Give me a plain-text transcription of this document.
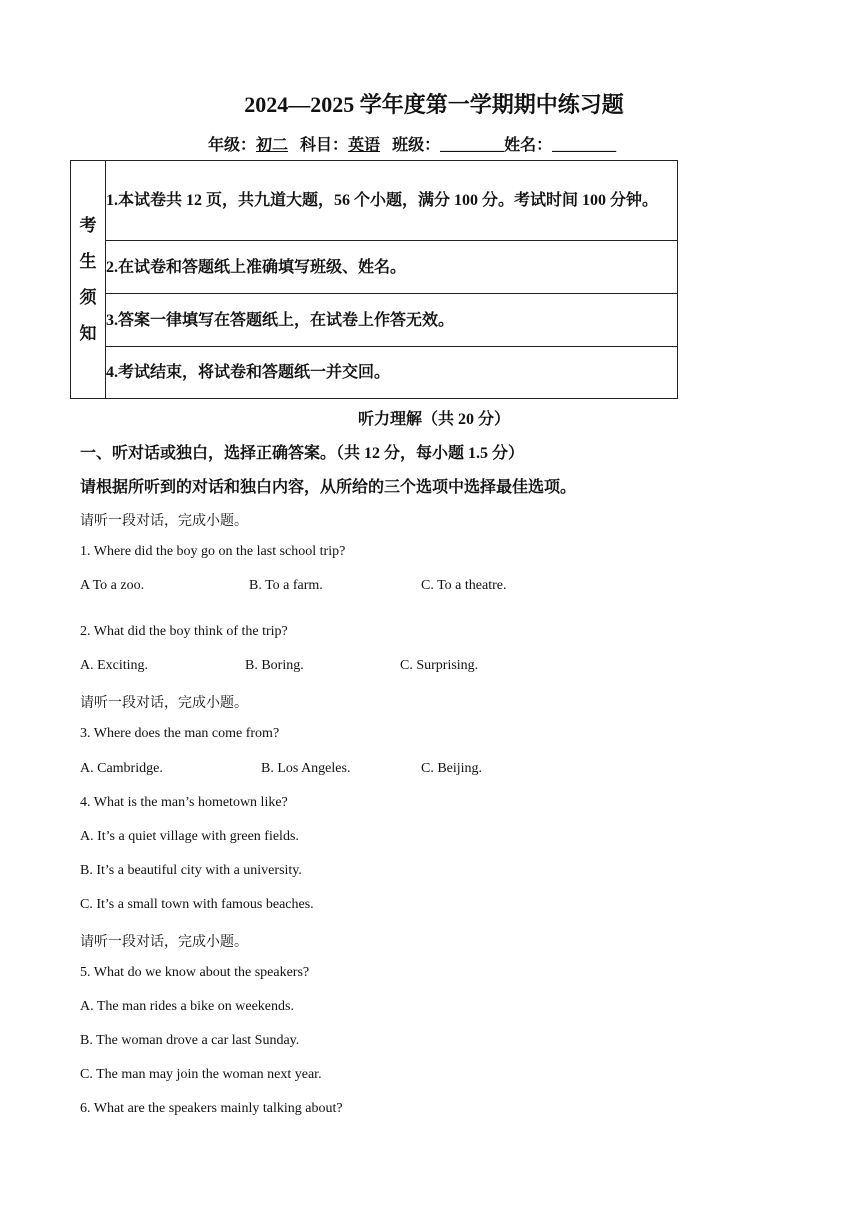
2024—2025 学年度第一学期期中练习题
年级：初二 科目：英语 班级：________姓名：________
考
生
须
知

1.本试卷共 12 页，共九道大题，56 个小题，满分 100 分。考试时间 100 分钟。

2.在试卷和答题纸上准确填写班级、姓名。

3.答案一律填写在答题纸上，在试卷上作答无效。

4.考试结束，将试卷和答题纸一并交回。
听力理解（共 20 分）
一、听对话或独白，选择正确答案。（共 12 分，每小题 1.5 分）
请根据所听到的对话和独白内容，从所给的三个选项中选择最佳选项。
请听一段对话，完成小题。
1. Where did the boy go on the last school trip?
A To a zoo.	B. To a farm.	C. To a theatre.
2. What did the boy think of the trip?
A. Exciting.	B. Boring.	C. Surprising.
请听一段对话，完成小题。
3. Where does the man come from?
A. Cambridge.	B. Los Angeles.	C. Beijing.
4. What is the man’s hometown like?
A. It’s a quiet village with green fields.
B. It’s a beautiful city with a university.
C. It’s a small town with famous beaches.
请听一段对话，完成小题。
5. What do we know about the speakers?
A. The man rides a bike on weekends.
B. The woman drove a car last Sunday.
C. The man may join the woman next year.
6. What are the speakers mainly talking about?
